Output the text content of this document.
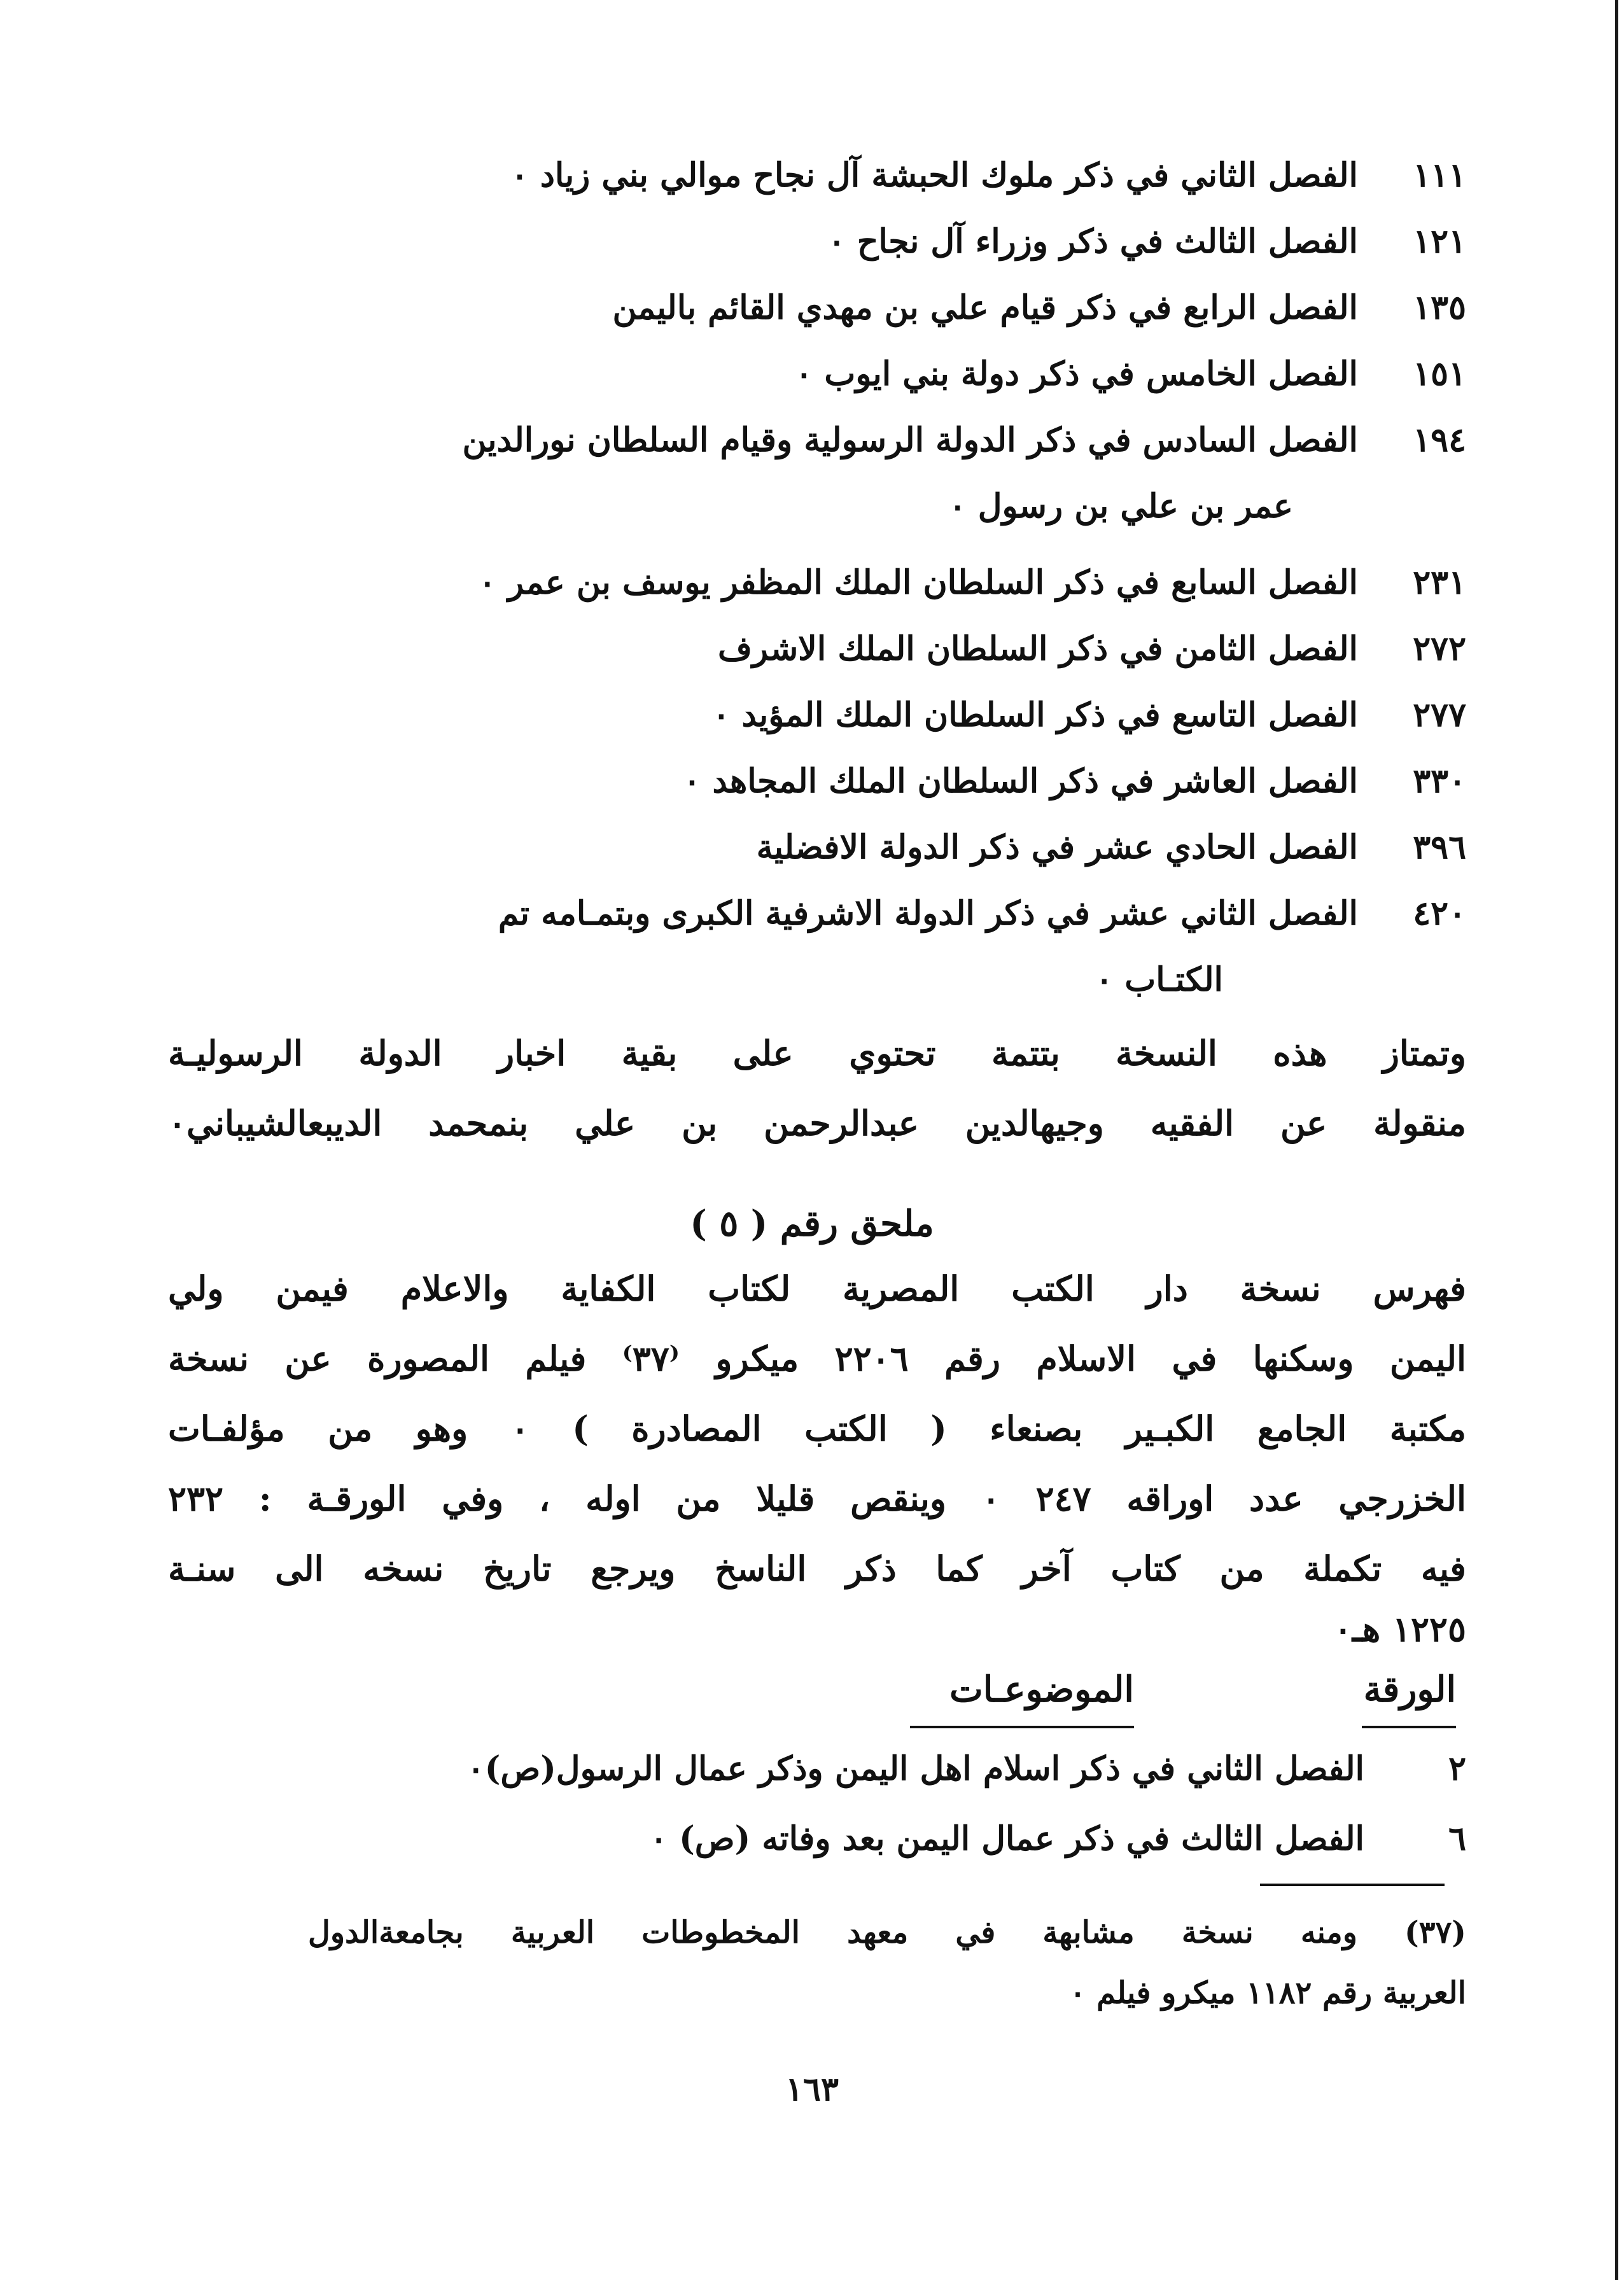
١١١
الفصل الثاني في ذكر ملوك الحبشة آل نجاح موالي بني زياد ٠
١٢١
الفصل الثالث في ذكر وزراء آل نجاح ٠
١٣٥
الفصل الرابع في ذكر قيام علي بن مهدي القائم باليمن
١٥١
الفصل الخامس في ذكر دولة بني ايوب ٠
١٩٤
الفصل السادس في ذكر الدولة الرسولية وقيام السلطان نورالدين
عمر بن علي بن رسول ٠
٢٣١
الفصل السابع في ذكر السلطان الملك المظفر يوسف بن عمر ٠
٢٧٢
الفصل الثامن في ذكر السلطان الملك الاشرف
٢٧٧
الفصل التاسع في ذكر السلطان الملك المؤيد ٠
٣٣٠
الفصل العاشر في ذكر السلطان الملك المجاهد ٠
٣٩٦
الفصل الحادي عشر في ذكر الدولة الافضلية
٤٢٠
الفصل الثاني عشر في ذكر الدولة الاشرفية الكبرى وبتمـامه تم
الكتـاب ٠
وتمتاز هذه النسخة بتتمة تحتوي على بقية اخبار الدولة الرسوليـة
منقولة عن الفقيه وجيهالدين عبدالرحمن بن علي بنمحمد الديبعالشيباني٠
ملحق رقم ( ٥ )
فهرس نسخة دار الكتب المصرية لكتاب الكفاية والاعلام فيمن ولي
اليمن وسكنها في الاسلام رقم ٢٢٠٦ ميكرو ⁽٣٧⁾ فيلم المصورة عن نسخة
مكتبة الجامع الكبـير بصنعاء ( الكتب المصادرة ) ٠ وهو من مؤلفـات
الخزرجي عدد اوراقه ٢٤٧ ٠ وينقص قليلا من اوله ، وفي الورقـة : ٢٣٢
فيه تكملة من كتاب آخر كما ذكر الناسخ ويرجع تاريخ نسخه الى سنـة
١٢٢٥ هـ٠
الورقة
الموضوعـات
٢
الفصل الثاني في ذكر اسلام اهل اليمن وذكر عمال الرسول(ص)٠
٦
الفصل الثالث في ذكر عمال اليمن بعد وفاته (ص) ٠
(٣٧) ومنه نسخة مشابهة في معهد المخطوطات العربية بجامعةالدول
العربية رقم ١١٨٢ ميكرو فيلم ٠
١٦٣
